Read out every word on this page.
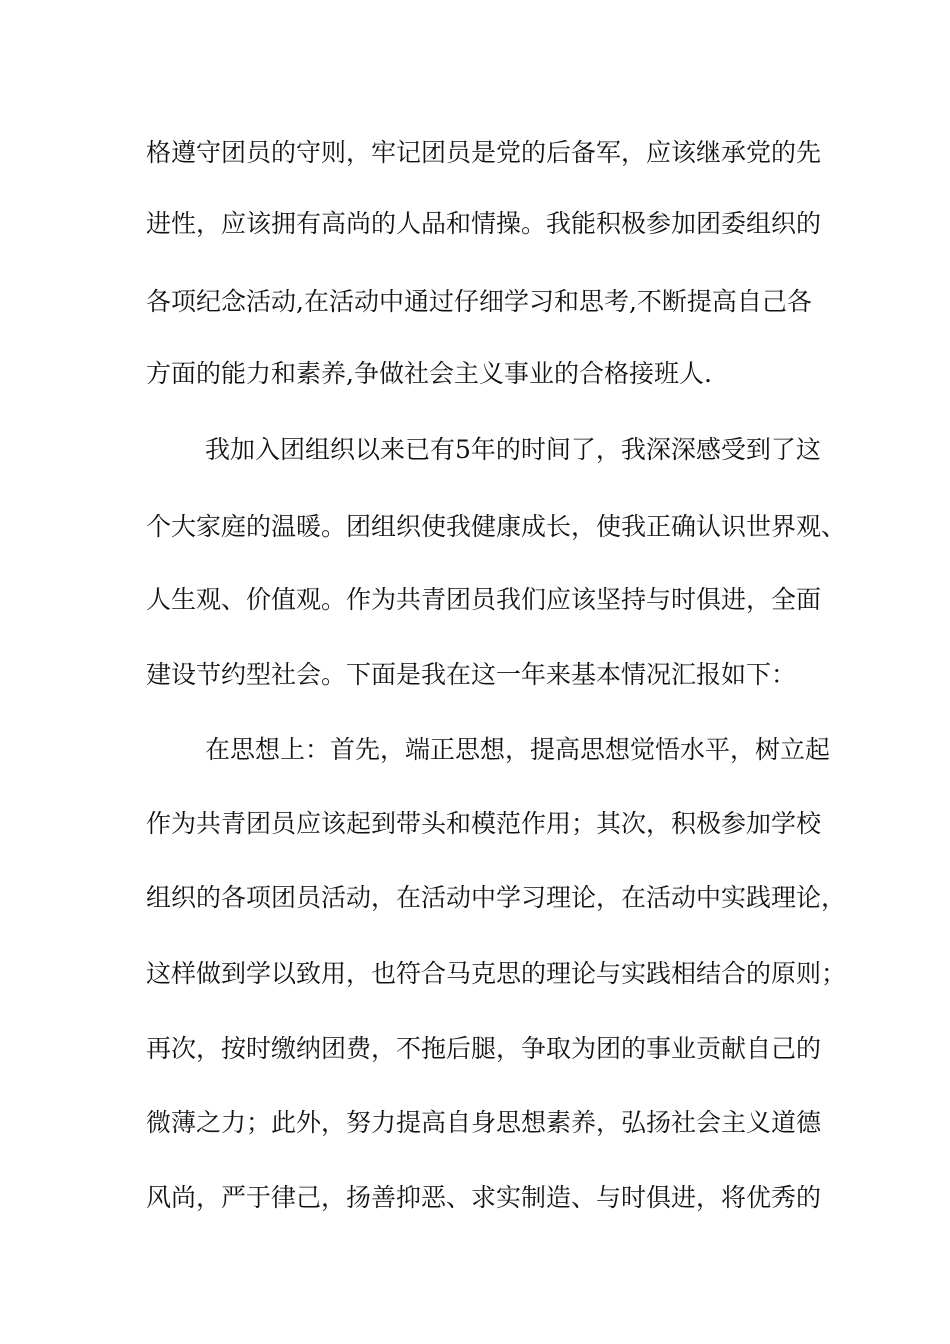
格遵守团员的守则，牢记团员是党的后备军，应该继承党的先
进性，应该拥有高尚的人品和情操。我能积极参加团委组织的
各项纪念活动,在活动中通过仔细学习和思考,不断提高自己各
方面的能力和素养,争做社会主义事业的合格接班人.
我加入团组织以来已有5年的时间了，我深深感受到了这
个大家庭的温暖。团组织使我健康成长，使我正确认识世界观、
人生观、价值观。作为共青团员我们应该坚持与时俱进，全面
建设节约型社会。下面是我在这一年来基本情况汇报如下：
在思想上：首先，端正思想，提高思想觉悟水平，树立起
作为共青团员应该起到带头和模范作用；其次，积极参加学校
组织的各项团员活动，在活动中学习理论，在活动中实践理论，
这样做到学以致用，也符合马克思的理论与实践相结合的原则；
再次，按时缴纳团费，不拖后腿，争取为团的事业贡献自己的
微薄之力；此外，努力提高自身思想素养，弘扬社会主义道德
风尚，严于律己，扬善抑恶、求实制造、与时俱进，将优秀的
